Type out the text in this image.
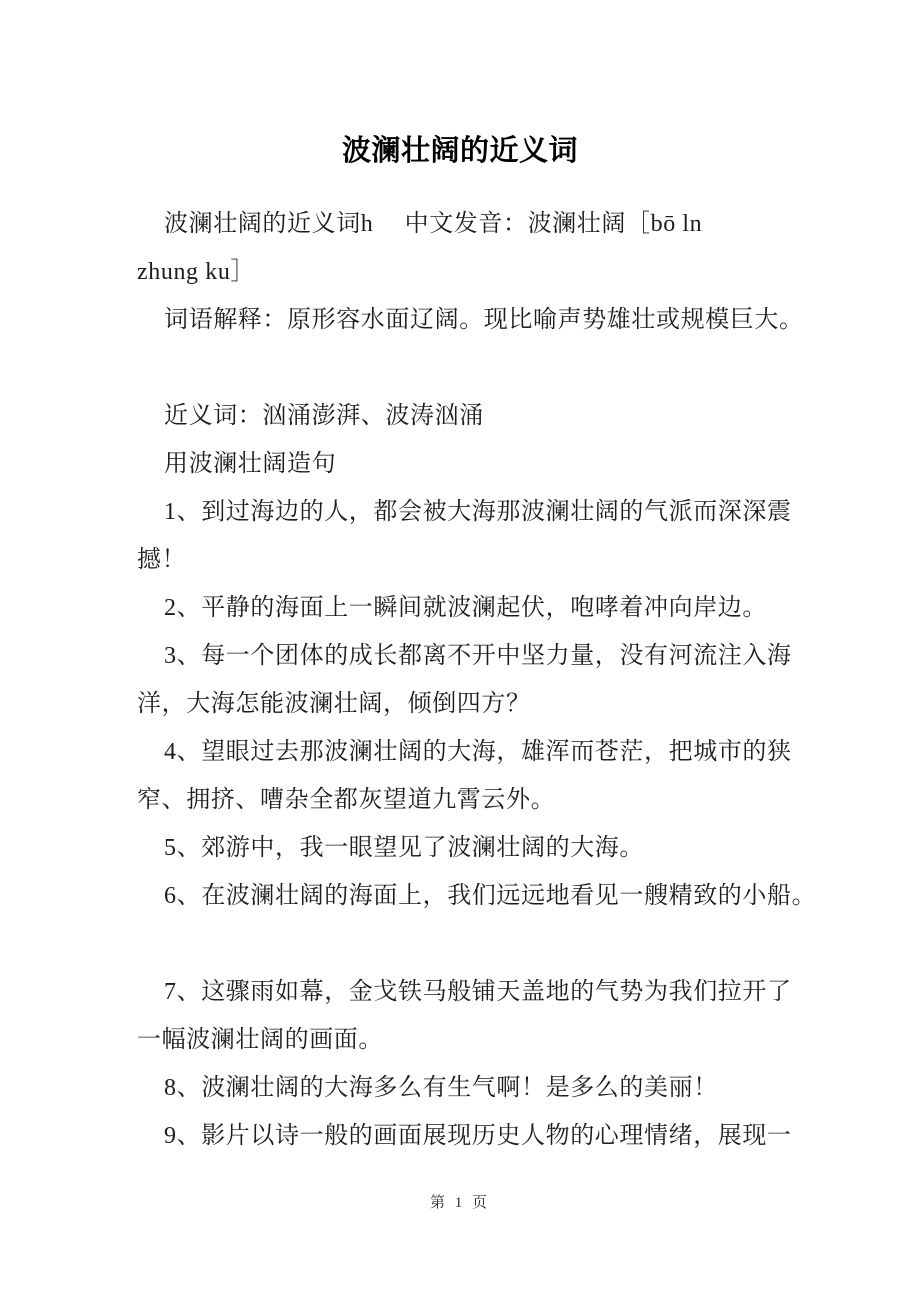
波澜壮阔的近义词
波澜壮阔的近义词h　 中文发音：波澜壮阔［bō ln
zhung ku］
词语解释：原形容水面辽阔。现比喻声势雄壮或规模巨大。
近义词：汹涌澎湃、波涛汹涌
用波澜壮阔造句
1、到过海边的人，都会被大海那波澜壮阔的气派而深深震
撼！
2、平静的海面上一瞬间就波澜起伏，咆哮着冲向岸边。
3、每一个团体的成长都离不开中坚力量，没有河流注入海
洋，大海怎能波澜壮阔，倾倒四方？
4、望眼过去那波澜壮阔的大海，雄浑而苍茫，把城市的狭
窄、拥挤、嘈杂全都灰望道九霄云外。
5、郊游中，我一眼望见了波澜壮阔的大海。
6、在波澜壮阔的海面上，我们远远地看见一艘精致的小船。
7、这骤雨如幕，金戈铁马般铺天盖地的气势为我们拉开了
一幅波澜壮阔的画面。
8、波澜壮阔的大海多么有生气啊！是多么的美丽！
9、影片以诗一般的画面展现历史人物的心理情绪，展现一
第 1 页
